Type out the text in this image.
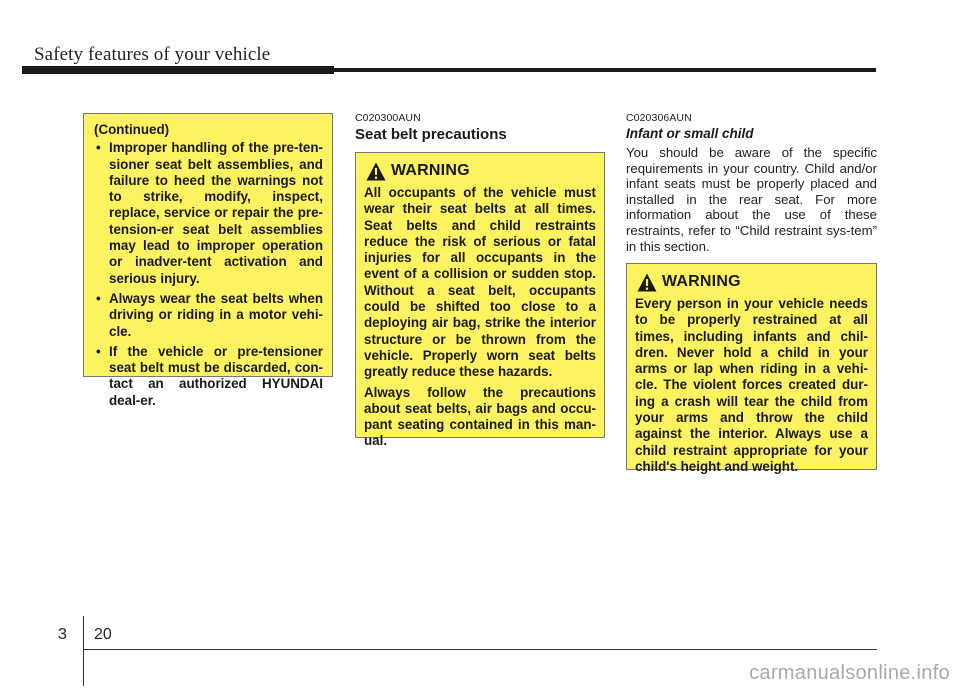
Safety features of your vehicle
(Continued)
• Improper handling of the pre-ten-sioner seat belt assemblies, and failure to heed the warnings not to strike, modify, inspect, replace, service or repair the pre-tension-er seat belt assemblies may lead to improper operation or inadver-tent activation and serious injury.
• Always wear the seat belts when driving or riding in a motor vehi-cle.
• If the vehicle or pre-tensioner seat belt must be discarded, con-tact an authorized HYUNDAI deal-er.
C020300AUN
Seat belt precautions
WARNING

All occupants of the vehicle must wear their seat belts at all times. Seat belts and child restraints reduce the risk of serious or fatal injuries for all occupants in the event of a collision or sudden stop. Without a seat belt, occupants could be shifted too close to a deploying air bag, strike the interior structure or be thrown from the vehicle. Properly worn seat belts greatly reduce these hazards.

Always follow the precautions about seat belts, air bags and occu-pant seating contained in this man-ual.

C020306AUN
Infant or small child
You should be aware of the specific requirements in your country. Child and/or infant seats must be properly placed and installed in the rear seat. For more information about the use of these restraints, refer to “Child restraint sys-tem” in this section.
WARNING

Every person in your vehicle needs to be properly restrained at all times, including infants and chil-dren. Never hold a child in your arms or lap when riding in a vehi-cle. The violent forces created dur-ing a crash will tear the child from your arms and throw the child against the interior. Always use a child restraint appropriate for your child's height and weight.

3 20
carmanualsonline.info
